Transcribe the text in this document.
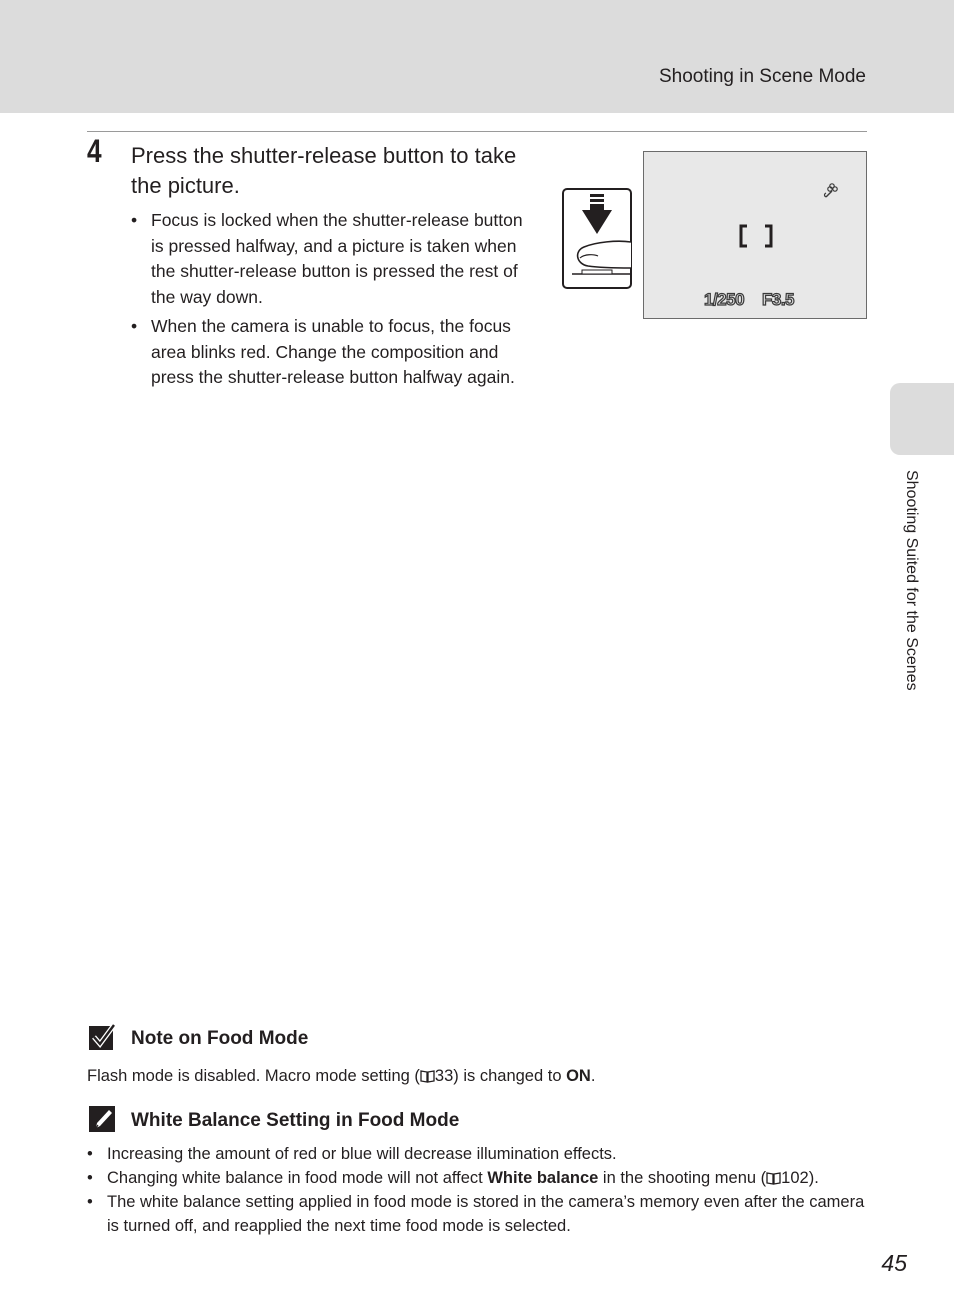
Shooting in Scene Mode
4 Press the shutter-release button to take the picture.
• Focus is locked when the shutter-release button is pressed halfway, and a picture is taken when the shutter-release button is pressed the rest of the way down.
• When the camera is unable to focus, the focus area blinks red. Change the composition and press the shutter-release button halfway again.
1/250 F3.5
Shooting Suited for the Scenes
Note on Food Mode
Flash mode is disabled. Macro mode setting ( 33) is changed to ON.
White Balance Setting in Food Mode
• Increasing the amount of red or blue will decrease illumination effects.
• Changing white balance in food mode will not affect White balance in the shooting menu ( 102).
• The white balance setting applied in food mode is stored in the camera’s memory even after the camera is turned off, and reapplied the next time food mode is selected.
45
